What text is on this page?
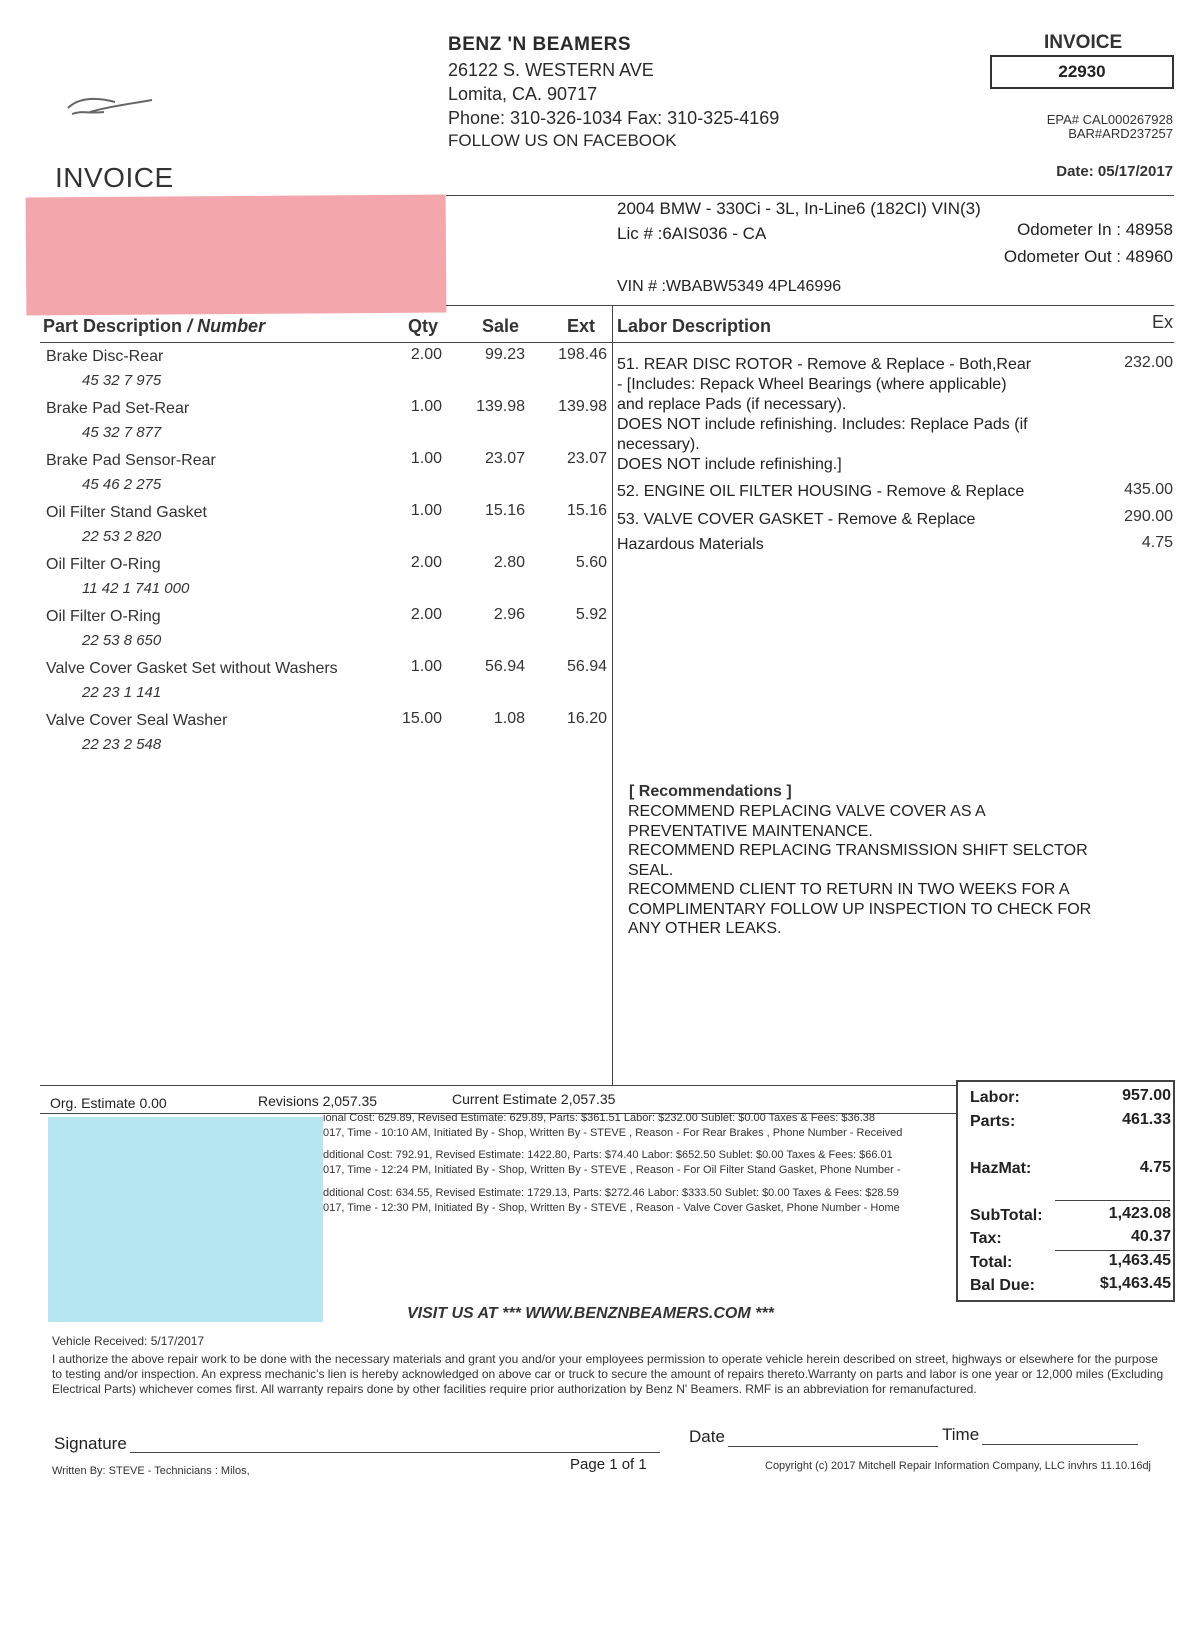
BENZ 'N BEAMERS
26122 S. WESTERN AVE
Lomita, CA. 90717
Phone: 310-326-1034 Fax: 310-325-4169
FOLLOW US ON FACEBOOK
INVOICE
22930
EPA# CAL000267928
BAR#ARD237257
Date: 05/17/2017
INVOICE
2004 BMW - 330Ci - 3L, In-Line6 (182CI) VIN(3)
Lic # :6AIS036 - CA	Odometer In : 48958
Odometer Out : 48960
VIN # :WBABW5349 4PL46996
Part Description / Number	Qty Sale	Ext Labor Description	Ex
Brake Disc-Rear
45 32 7 975
2.00	99.23	198.46
Brake Pad Set-Rear
45 32 7 877
1.00	139.98	139.98
Brake Pad Sensor-Rear
45 46 2 275
1.00	23.07	23.07
Oil Filter Stand Gasket
22 53 2 820
1.00	15.16	15.16
Oil Filter O-Ring
11 42 1 741 000
2.00	2.80	5.60
Oil Filter O-Ring
22 53 8 650
2.00	2.96	5.92
Valve Cover Gasket Set without Washers
22 23 1 141
1.00	56.94	56.94
Valve Cover Seal Washer
22 23 2 548
15.00	1.08	16.20
51. REAR DISC ROTOR - Remove & Replace - Both,Rear
- [Includes: Repack Wheel Bearings (where applicable)
and replace Pads (if necessary).
DOES NOT include refinishing. Includes: Replace Pads (if
necessary).
DOES NOT include refinishing.]
232.00
52. ENGINE OIL FILTER HOUSING - Remove & Replace	435.00
53. VALVE COVER GASKET - Remove & Replace	290.00
Hazardous Materials	4.75
[ Recommendations ]
RECOMMEND REPLACING VALVE COVER AS A
PREVENTATIVE MAINTENANCE.
RECOMMEND REPLACING TRANSMISSION SHIFT SELCTOR
SEAL.
RECOMMEND CLIENT TO RETURN IN TWO WEEKS FOR A
COMPLIMENTARY FOLLOW UP INSPECTION TO CHECK FOR
ANY OTHER LEAKS.
Org. Estimate 0.00	Revisions 2,057.35	Current Estimate 2,057.35
ional Cost: 629.89, Revised Estimate: 629.89, Parts: $361.51 Labor: $232.00 Sublet: $0.00 Taxes & Fees: $36.38
017, Time - 10:10 AM, Initiated By - Shop, Written By - STEVE , Reason - For Rear Brakes , Phone Number - Received
dditional Cost: 792.91, Revised Estimate: 1422.80, Parts: $74.40 Labor: $652.50 Sublet: $0.00 Taxes & Fees: $66.01
017, Time - 12:24 PM, Initiated By - Shop, Written By - STEVE , Reason - For Oil Filter Stand Gasket, Phone Number -
dditional Cost: 634.55, Revised Estimate: 1729.13, Parts: $272.46 Labor: $333.50 Sublet: $0.00 Taxes & Fees: $28.59
017, Time - 12:30 PM, Initiated By - Shop, Written By - STEVE , Reason - Valve Cover Gasket, Phone Number - Home
Labor:	957.00
Parts:	461.33
HazMat:	4.75
SubTotal:	1,423.08
Tax:	40.37
Total:	1,463.45
Bal Due:	$1,463.45
VISIT US AT *** WWW.BENZNBEAMERS.COM ***
Vehicle Received: 5/17/2017
I authorize the above repair work to be done with the necessary materials and grant you and/or your employees permission to operate vehicle herein described on street, highways or elsewhere for the purpose to testing and/or inspection. An express mechanic's lien is hereby acknowledged on above car or truck to secure the amount of repairs thereto.Warranty on parts and labor is one year or 12,000 miles (Excluding Electrical Parts) whichever comes first. All warranty repairs done by other facilities require prior authorization by Benz N' Beamers. RMF is an abbreviation for remanufactured.
Signature	Date	Time
Written By: STEVE - Technicians : Milos,	Page 1 of 1	Copyright (c) 2017 Mitchell Repair Information Company, LLC invhrs 11.10.16dj
